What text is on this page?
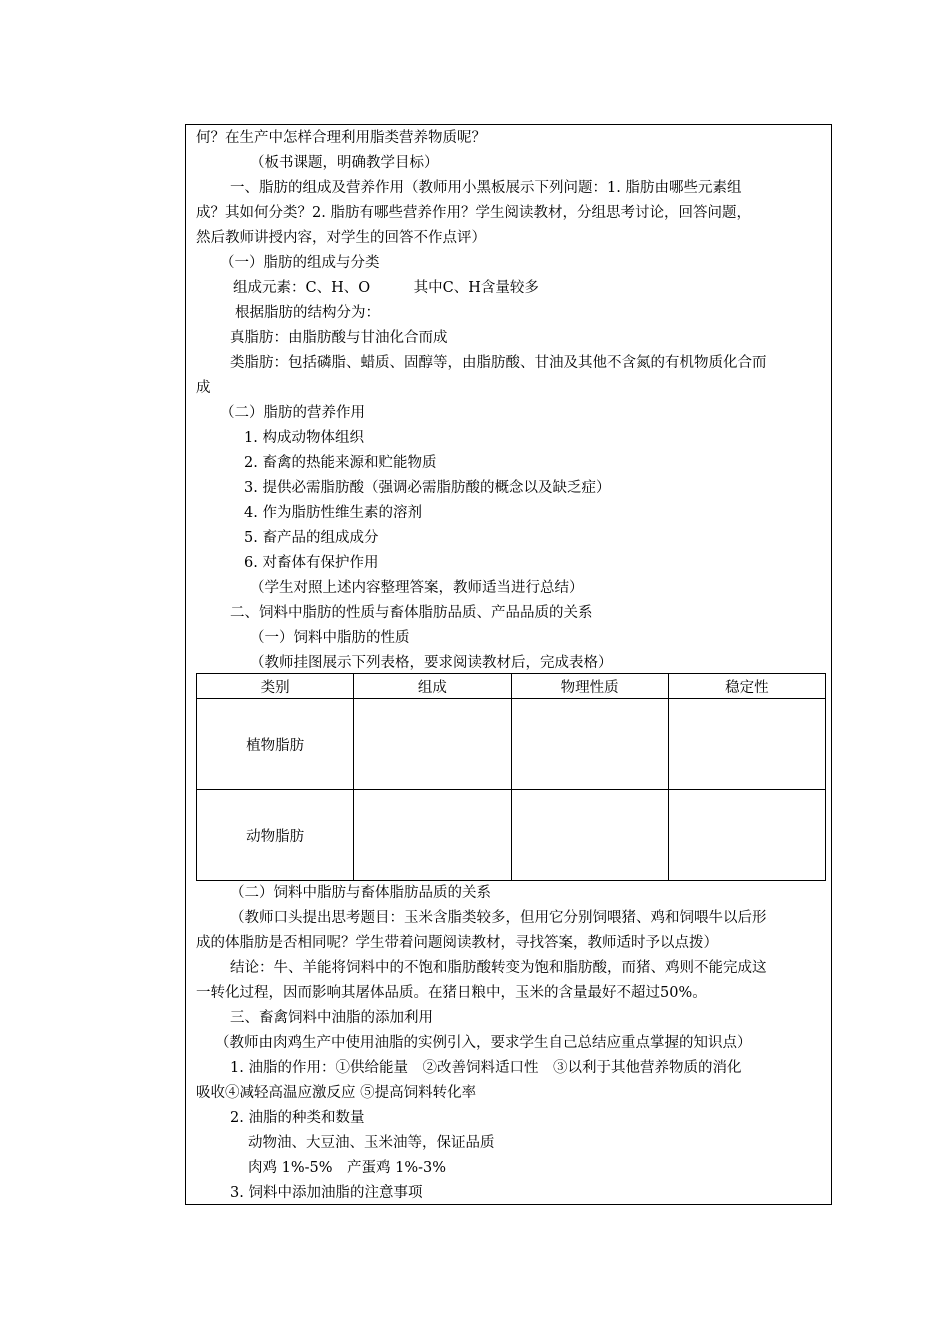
何？在生产中怎样合理利用脂类营养物质呢？
（板书课题，明确教学目标）
一、脂肪的组成及营养作用（教师用小黑板展示下列问题：1. 脂肪由哪些元素组
成？其如何分类？2. 脂肪有哪些营养作用？学生阅读教材，分组思考讨论，回答问题，
然后教师讲授内容，对学生的回答不作点评）
（一）脂肪的组成与分类
组成元素：C、H、O　　　其中C、H含量较多
根据脂肪的结构分为：
真脂肪：由脂肪酸与甘油化合而成
类脂肪：包括磷脂、蜡质、固醇等，由脂肪酸、甘油及其他不含氮的有机物质化合而
成
（二）脂肪的营养作用
1. 构成动物体组织
2. 畜禽的热能来源和贮能物质
3. 提供必需脂肪酸（强调必需脂肪酸的概念以及缺乏症）
4. 作为脂肪性维生素的溶剂
5. 畜产品的组成成分
6. 对畜体有保护作用
（学生对照上述内容整理答案，教师适当进行总结）
二、饲料中脂肪的性质与畜体脂肪品质、产品品质的关系
（一）饲料中脂肪的性质
（教师挂图展示下列表格，要求阅读教材后，完成表格）
类别	组成	物理性质	稳定性
植物脂肪			
动物脂肪			
（二）饲料中脂肪与畜体脂肪品质的关系
（教师口头提出思考题目：玉米含脂类较多，但用它分别饲喂猪、鸡和饲喂牛以后形
成的体脂肪是否相同呢？学生带着问题阅读教材，寻找答案，教师适时予以点拨）
结论：牛、羊能将饲料中的不饱和脂肪酸转变为饱和脂肪酸，而猪、鸡则不能完成这
一转化过程，因而影响其屠体品质。在猪日粮中，玉米的含量最好不超过50%。
三、畜禽饲料中油脂的添加利用
（教师由肉鸡生产中使用油脂的实例引入，要求学生自己总结应重点掌握的知识点）
1. 油脂的作用：①供给能量　②改善饲料适口性　③以利于其他营养物质的消化
吸收④减轻高温应激反应 ⑤提高饲料转化率
2. 油脂的种类和数量
动物油、大豆油、玉米油等，保证品质
肉鸡 1%-5%　产蛋鸡 1%-3%
3. 饲料中添加油脂的注意事项
